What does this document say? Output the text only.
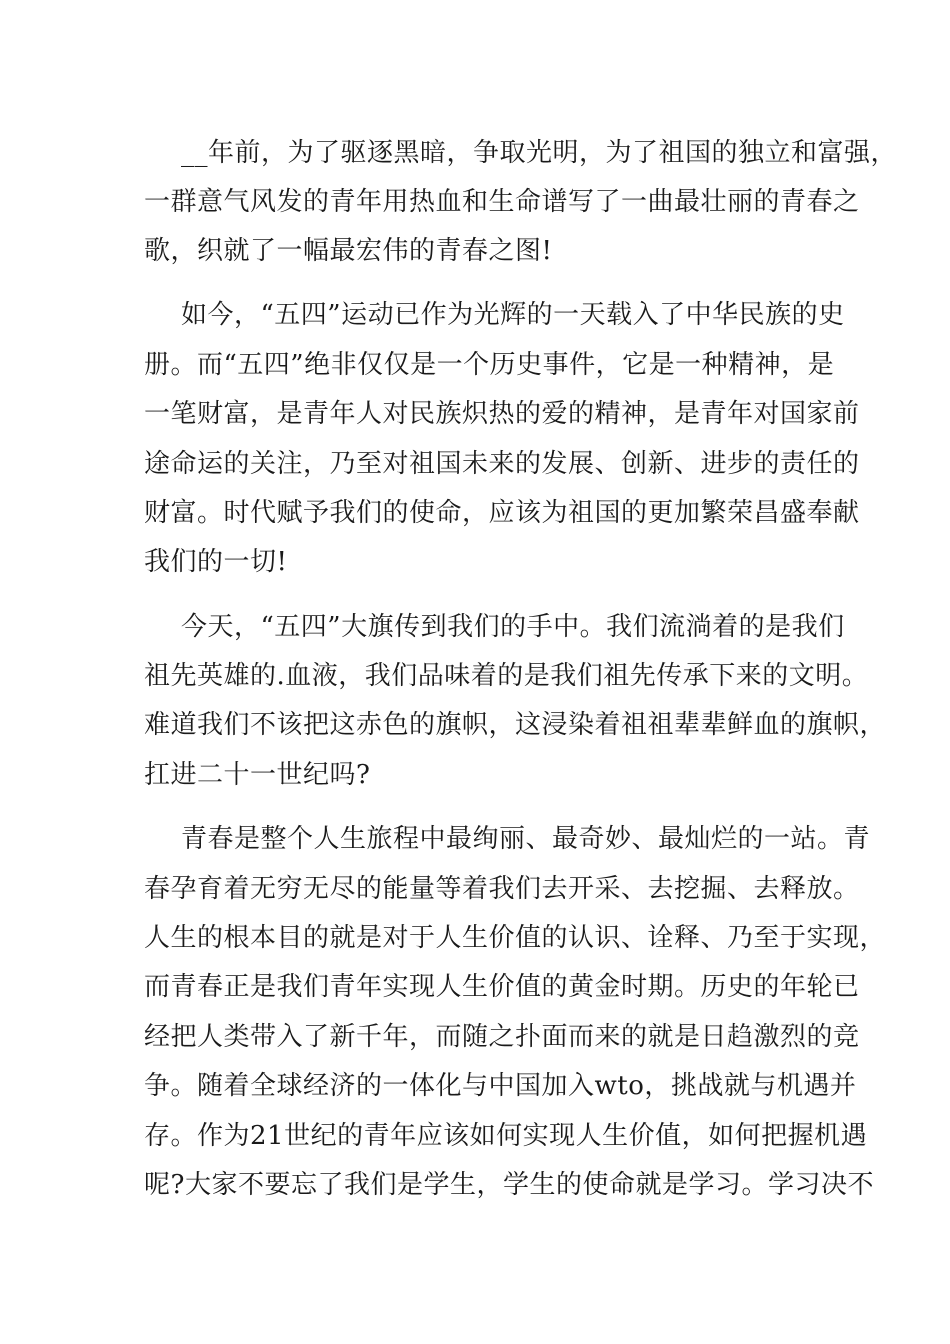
__年前，为了驱逐黑暗，争取光明，为了祖国的独立和富强，
一群意气风发的青年用热血和生命谱写了一曲最壮丽的青春之
歌，织就了一幅最宏伟的青春之图!
如今，“五四”运动已作为光辉的一天载入了中华民族的史
册。而“五四”绝非仅仅是一个历史事件，它是一种精神，是
一笔财富，是青年人对民族炽热的爱的精神，是青年对国家前
途命运的关注，乃至对祖国未来的发展、创新、进步的责任的
财富。时代赋予我们的使命，应该为祖国的更加繁荣昌盛奉献
我们的一切!
今天，“五四”大旗传到我们的手中。我们流淌着的是我们
祖先英雄的.血液，我们品味着的是我们祖先传承下来的文明。
难道我们不该把这赤色的旗帜，这浸染着祖祖辈辈鲜血的旗帜，
扛进二十一世纪吗?
青春是整个人生旅程中最绚丽、最奇妙、最灿烂的一站。青
春孕育着无穷无尽的能量等着我们去开采、去挖掘、去释放。
人生的根本目的就是对于人生价值的认识、诠释、乃至于实现，
而青春正是我们青年实现人生价值的黄金时期。历史的年轮已
经把人类带入了新千年，而随之扑面而来的就是日趋激烈的竞
争。随着全球经济的一体化与中国加入wto，挑战就与机遇并
存。作为21世纪的青年应该如何实现人生价值，如何把握机遇
呢?大家不要忘了我们是学生，学生的使命就是学习。学习决不
